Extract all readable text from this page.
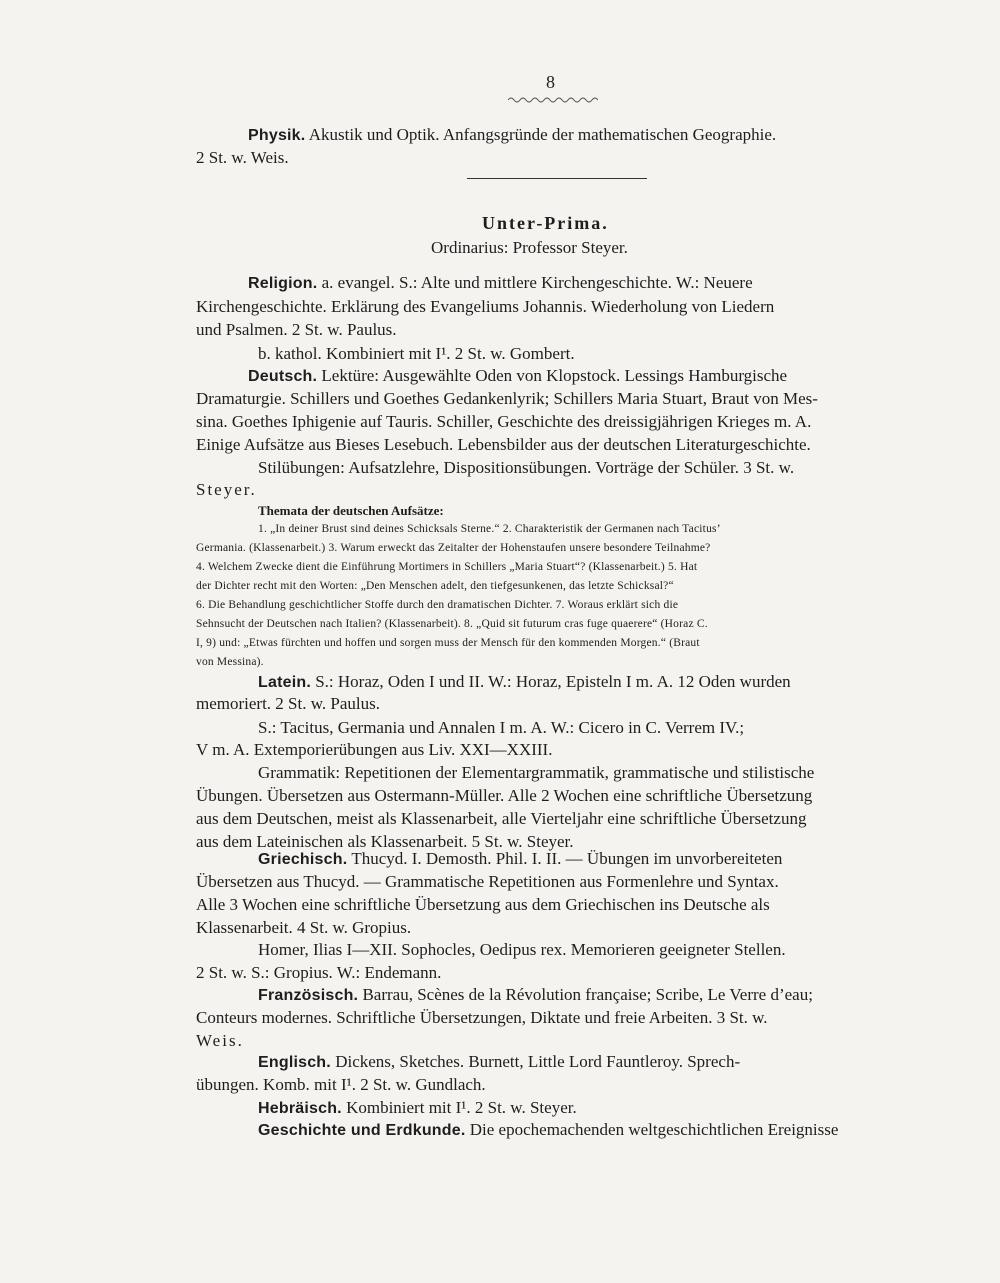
8
Physik. Akustik und Optik. Anfangsgründe der mathematischen Geographie.
2 St. w. Weis.
Unter-Prima.
Ordinarius: Professor Steyer.
Religion. a. evangel. S.: Alte und mittlere Kirchengeschichte. W.: Neuere
Kirchengeschichte. Erklärung des Evangeliums Johannis. Wiederholung von Liedern
und Psalmen. 2 St. w. Paulus.
b. kathol. Kombiniert mit I¹. 2 St. w. Gombert.
Deutsch. Lektüre: Ausgewählte Oden von Klopstock. Lessings Hamburgische
Dramaturgie. Schillers und Goethes Gedankenlyrik; Schillers Maria Stuart, Braut von Mes-
sina. Goethes Iphigenie auf Tauris. Schiller, Geschichte des dreissigjährigen Krieges m. A.
Einige Aufsätze aus Bieses Lesebuch. Lebensbilder aus der deutschen Literaturgeschichte.
Stilübungen: Aufsatzlehre, Dispositionsübungen. Vorträge der Schüler. 3 St. w.
Steyer.
Themata der deutschen Aufsätze:
1. „In deiner Brust sind deines Schicksals Sterne.“ 2. Charakteristik der Germanen nach Tacitus’
Germania. (Klassenarbeit.) 3. Warum erweckt das Zeitalter der Hohenstaufen unsere besondere Teilnahme?
4. Welchem Zwecke dient die Einführung Mortimers in Schillers „Maria Stuart“? (Klassenarbeit.) 5. Hat
der Dichter recht mit den Worten: „Den Menschen adelt, den tiefgesunkenen, das letzte Schicksal?“
6. Die Behandlung geschichtlicher Stoffe durch den dramatischen Dichter. 7. Woraus erklärt sich die
Sehnsucht der Deutschen nach Italien? (Klassenarbeit). 8. „Quid sit futurum cras fuge quaerere“ (Horaz C.
I, 9) und: „Etwas fürchten und hoffen und sorgen muss der Mensch für den kommenden Morgen.“ (Braut
von Messina).
Latein. S.: Horaz, Oden I und II. W.: Horaz, Episteln I m. A. 12 Oden wurden
memoriert. 2 St. w. Paulus.
S.: Tacitus, Germania und Annalen I m. A. W.: Cicero in C. Verrem IV.;
V m. A. Extemporierübungen aus Liv. XXI—XXIII.
Grammatik: Repetitionen der Elementargrammatik, grammatische und stilistische
Übungen. Übersetzen aus Ostermann-Müller. Alle 2 Wochen eine schriftliche Übersetzung
aus dem Deutschen, meist als Klassenarbeit, alle Vierteljahr eine schriftliche Übersetzung
aus dem Lateinischen als Klassenarbeit. 5 St. w. Steyer.
Griechisch. Thucyd. I. Demosth. Phil. I. II. — Übungen im unvorbereiteten
Übersetzen aus Thucyd. — Grammatische Repetitionen aus Formenlehre und Syntax.
Alle 3 Wochen eine schriftliche Übersetzung aus dem Griechischen ins Deutsche als
Klassenarbeit. 4 St. w. Gropius.
Homer, Ilias I—XII. Sophocles, Oedipus rex. Memorieren geeigneter Stellen.
2 St. w. S.: Gropius. W.: Endemann.
Französisch. Barrau, Scènes de la Révolution française; Scribe, Le Verre d’eau;
Conteurs modernes. Schriftliche Übersetzungen, Diktate und freie Arbeiten. 3 St. w.
Weis.
Englisch. Dickens, Sketches. Burnett, Little Lord Fauntleroy. Sprech-
übungen. Komb. mit I¹. 2 St. w. Gundlach.
Hebräisch. Kombiniert mit I¹. 2 St. w. Steyer.
Geschichte und Erdkunde. Die epochemachenden weltgeschichtlichen Ereignisse
